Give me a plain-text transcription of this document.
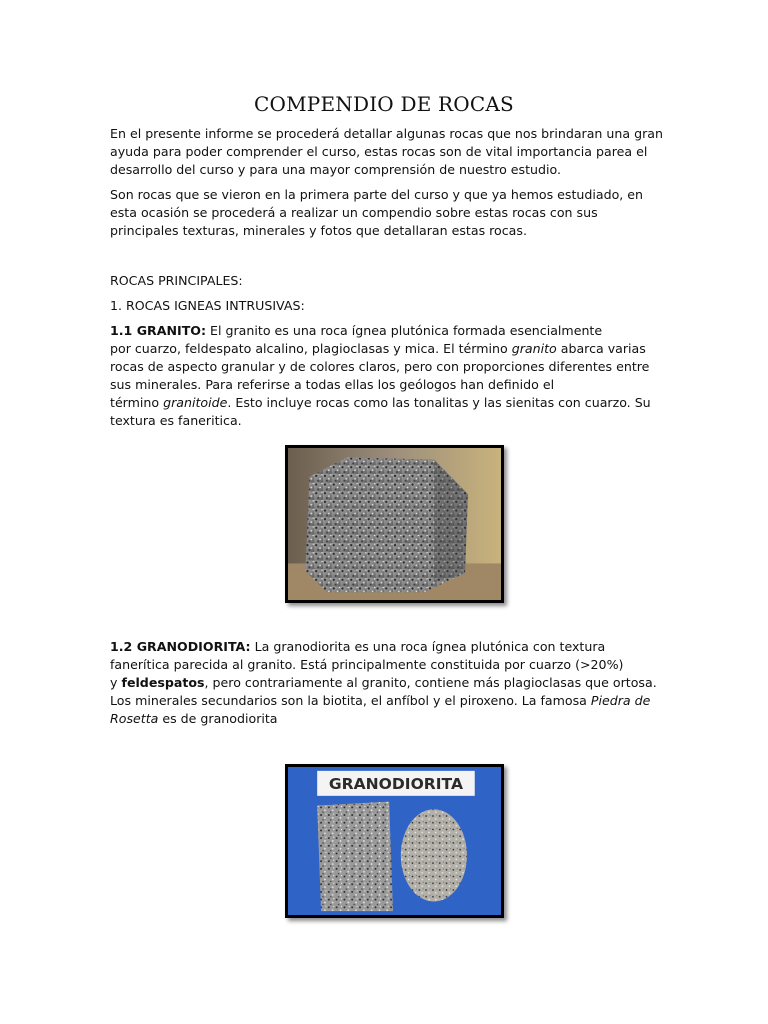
COMPENDIO DE ROCAS
En el presente informe se procederá detallar algunas rocas que nos brindaran una gran
ayuda para poder comprender el curso, estas rocas son de vital importancia parea el
desarrollo del curso y para una mayor comprensión de nuestro estudio.
Son rocas que se vieron en la primera parte del curso y que ya hemos estudiado, en
esta ocasión se procederá a realizar un compendio sobre estas rocas con sus
principales texturas, minerales y fotos que detallaran estas rocas.
ROCAS PRINCIPALES:
1. ROCAS IGNEAS INTRUSIVAS:
1.1 GRANITO: El granito es una roca ígnea plutónica formada esencialmente
por cuarzo, feldespato alcalino, plagioclasas y mica. El término granito abarca varias
rocas de aspecto granular y de colores claros, pero con proporciones diferentes entre
sus minerales. Para referirse a todas ellas los geólogos han definido el
término granitoide. Esto incluye rocas como las tonalitas y las sienitas con cuarzo. Su
textura es faneritica.
1.2 GRANODIORITA: La granodiorita es una roca ígnea plutónica con textura
fanerítica parecida al granito. Está principalmente constituida por cuarzo (>20%)
y feldespatos, pero contrariamente al granito, contiene más plagioclasas que ortosa.
Los minerales secundarios son la biotita, el anfíbol y el piroxeno. La famosa Piedra de
Rosetta es de granodiorita
GRANODIORITA
